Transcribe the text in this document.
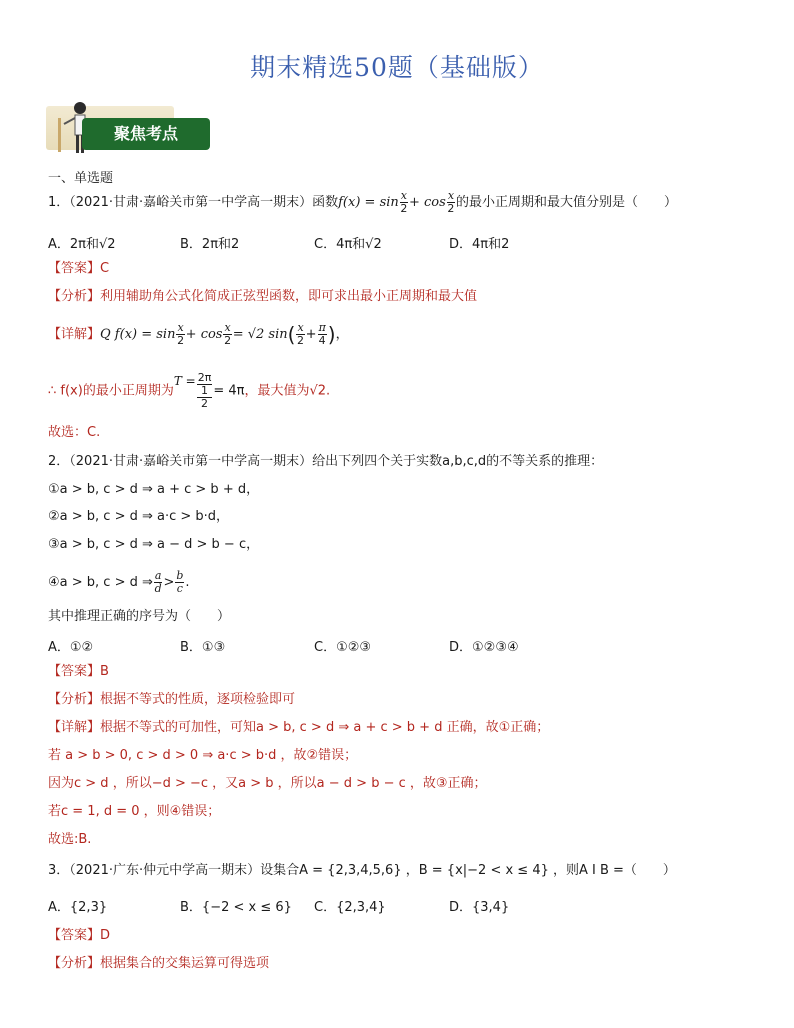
期末精选50题（基础版）
聚焦考点
一、单选题
1．（2021·甘肃·嘉峪关市第一中学高一期末）函数$f(x) = \sin \frac{x}{2} + \cos \frac{x}{2}$ 的最小正周期和最大值分别是（　　）
A．2π和√2	B．2π和2	C．4π和√2	D．4π和2
【答案】C
【分析】利用辅助角公式化简成正弦型函数，即可求出最小正周期和最大值
【详解】Q $f(x) = \sin \frac{x}{2} + \cos \frac{x}{2} = √2$ $\sin( \frac{x}{2} + \frac{\pi}{4}$ )，
∴ f(x)的最小正周期为T = 2π
1
2 = 4π，最大值为√2.
故选：C.
2．（2021·甘肃·嘉峪关市第一中学高一期末）给出下列四个关于实数a,b,c,d的不等关系的推理：
①a > b, c > d ⇒ a + c > b + d，
②a > b, c > d ⇒ a·c > b·d，
③a > b, c > d ⇒ a − d > b − c，
④a > b, c > d ⇒ $\frac{a}{d} > \frac{b}{c}$ .
其中推理正确的序号为（　　）
A．①②	B．①③	C．①②③	D．①②③④
【答案】B
【分析】根据不等式的性质，逐项检验即可
【详解】根据不等式的可加性，可知a > b, c > d ⇒ a + c > b + d 正确，故①正确；
若 a > b > 0, c > d > 0 ⇒ a·c > b·d ，故②错误；
因为c > d ，所以−d > −c ，又a > b ，所以a − d > b − c ，故③正确；
若c = 1, d = 0 ，则④错误；
故选:B.
3．（2021·广东·仲元中学高一期末）设集合A = {2,3,4,5,6} ，B = {x|−2 < x ≤ 4} ，则A I B =（　　）
A．{2,3}	B．{−2 < x ≤ 6} C．{2,3,4}	D．{3,4}
【答案】D
【分析】根据集合的交集运算可得选项
